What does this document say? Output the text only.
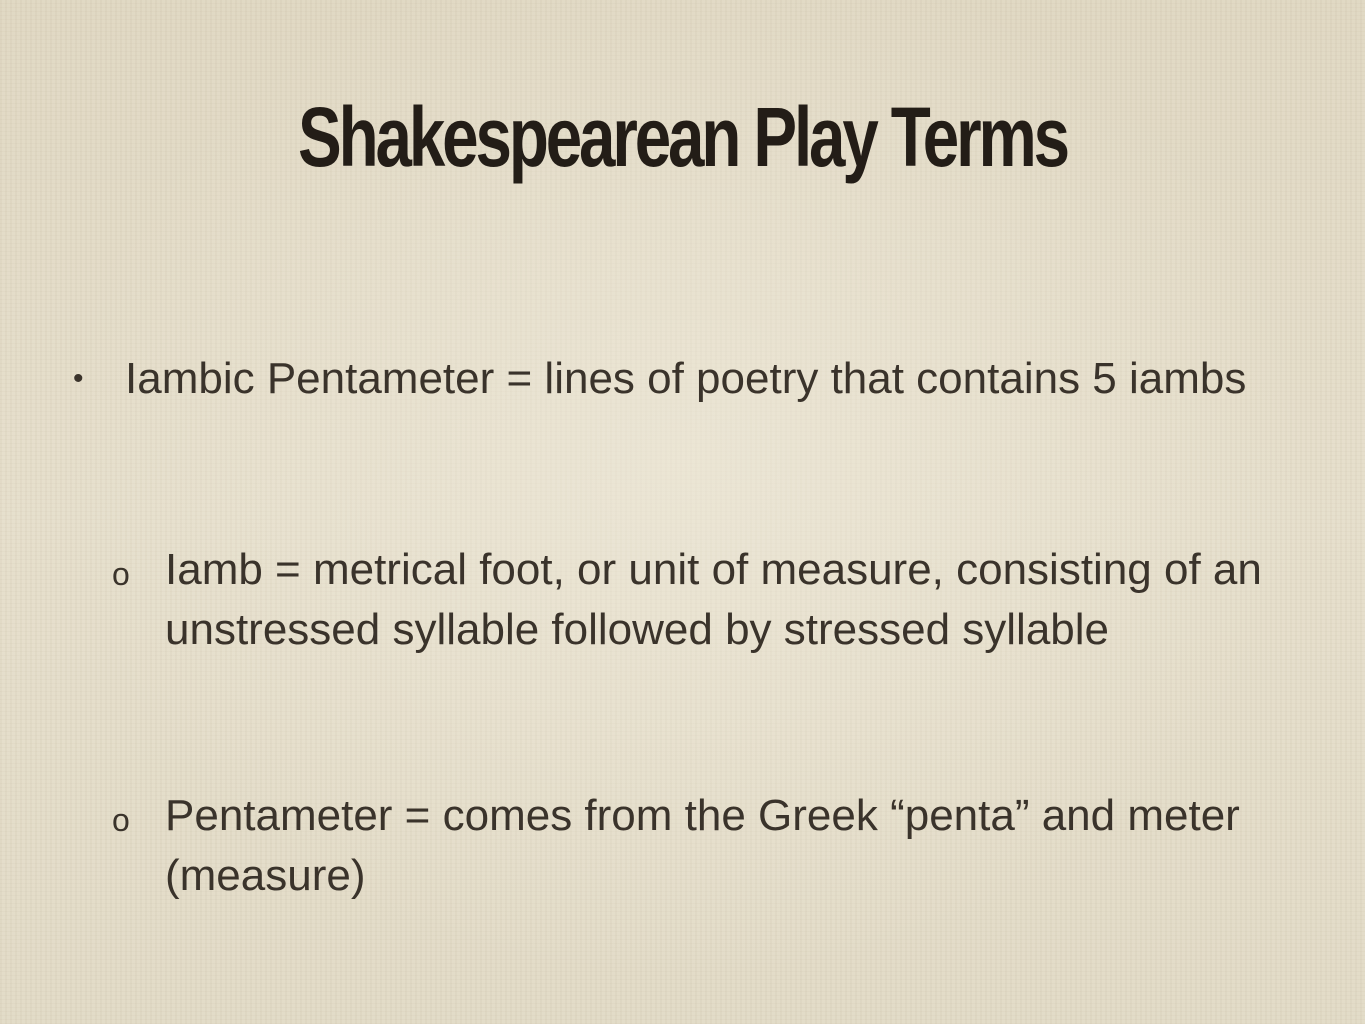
Shakespearean Play Terms
• Iambic Pentameter = lines of poetry that contains 5 iambs
o Iamb = metrical foot, or unit of measure, consisting of an unstressed syllable followed by stressed syllable
o Pentameter = comes from the Greek “penta” and meter (measure)
